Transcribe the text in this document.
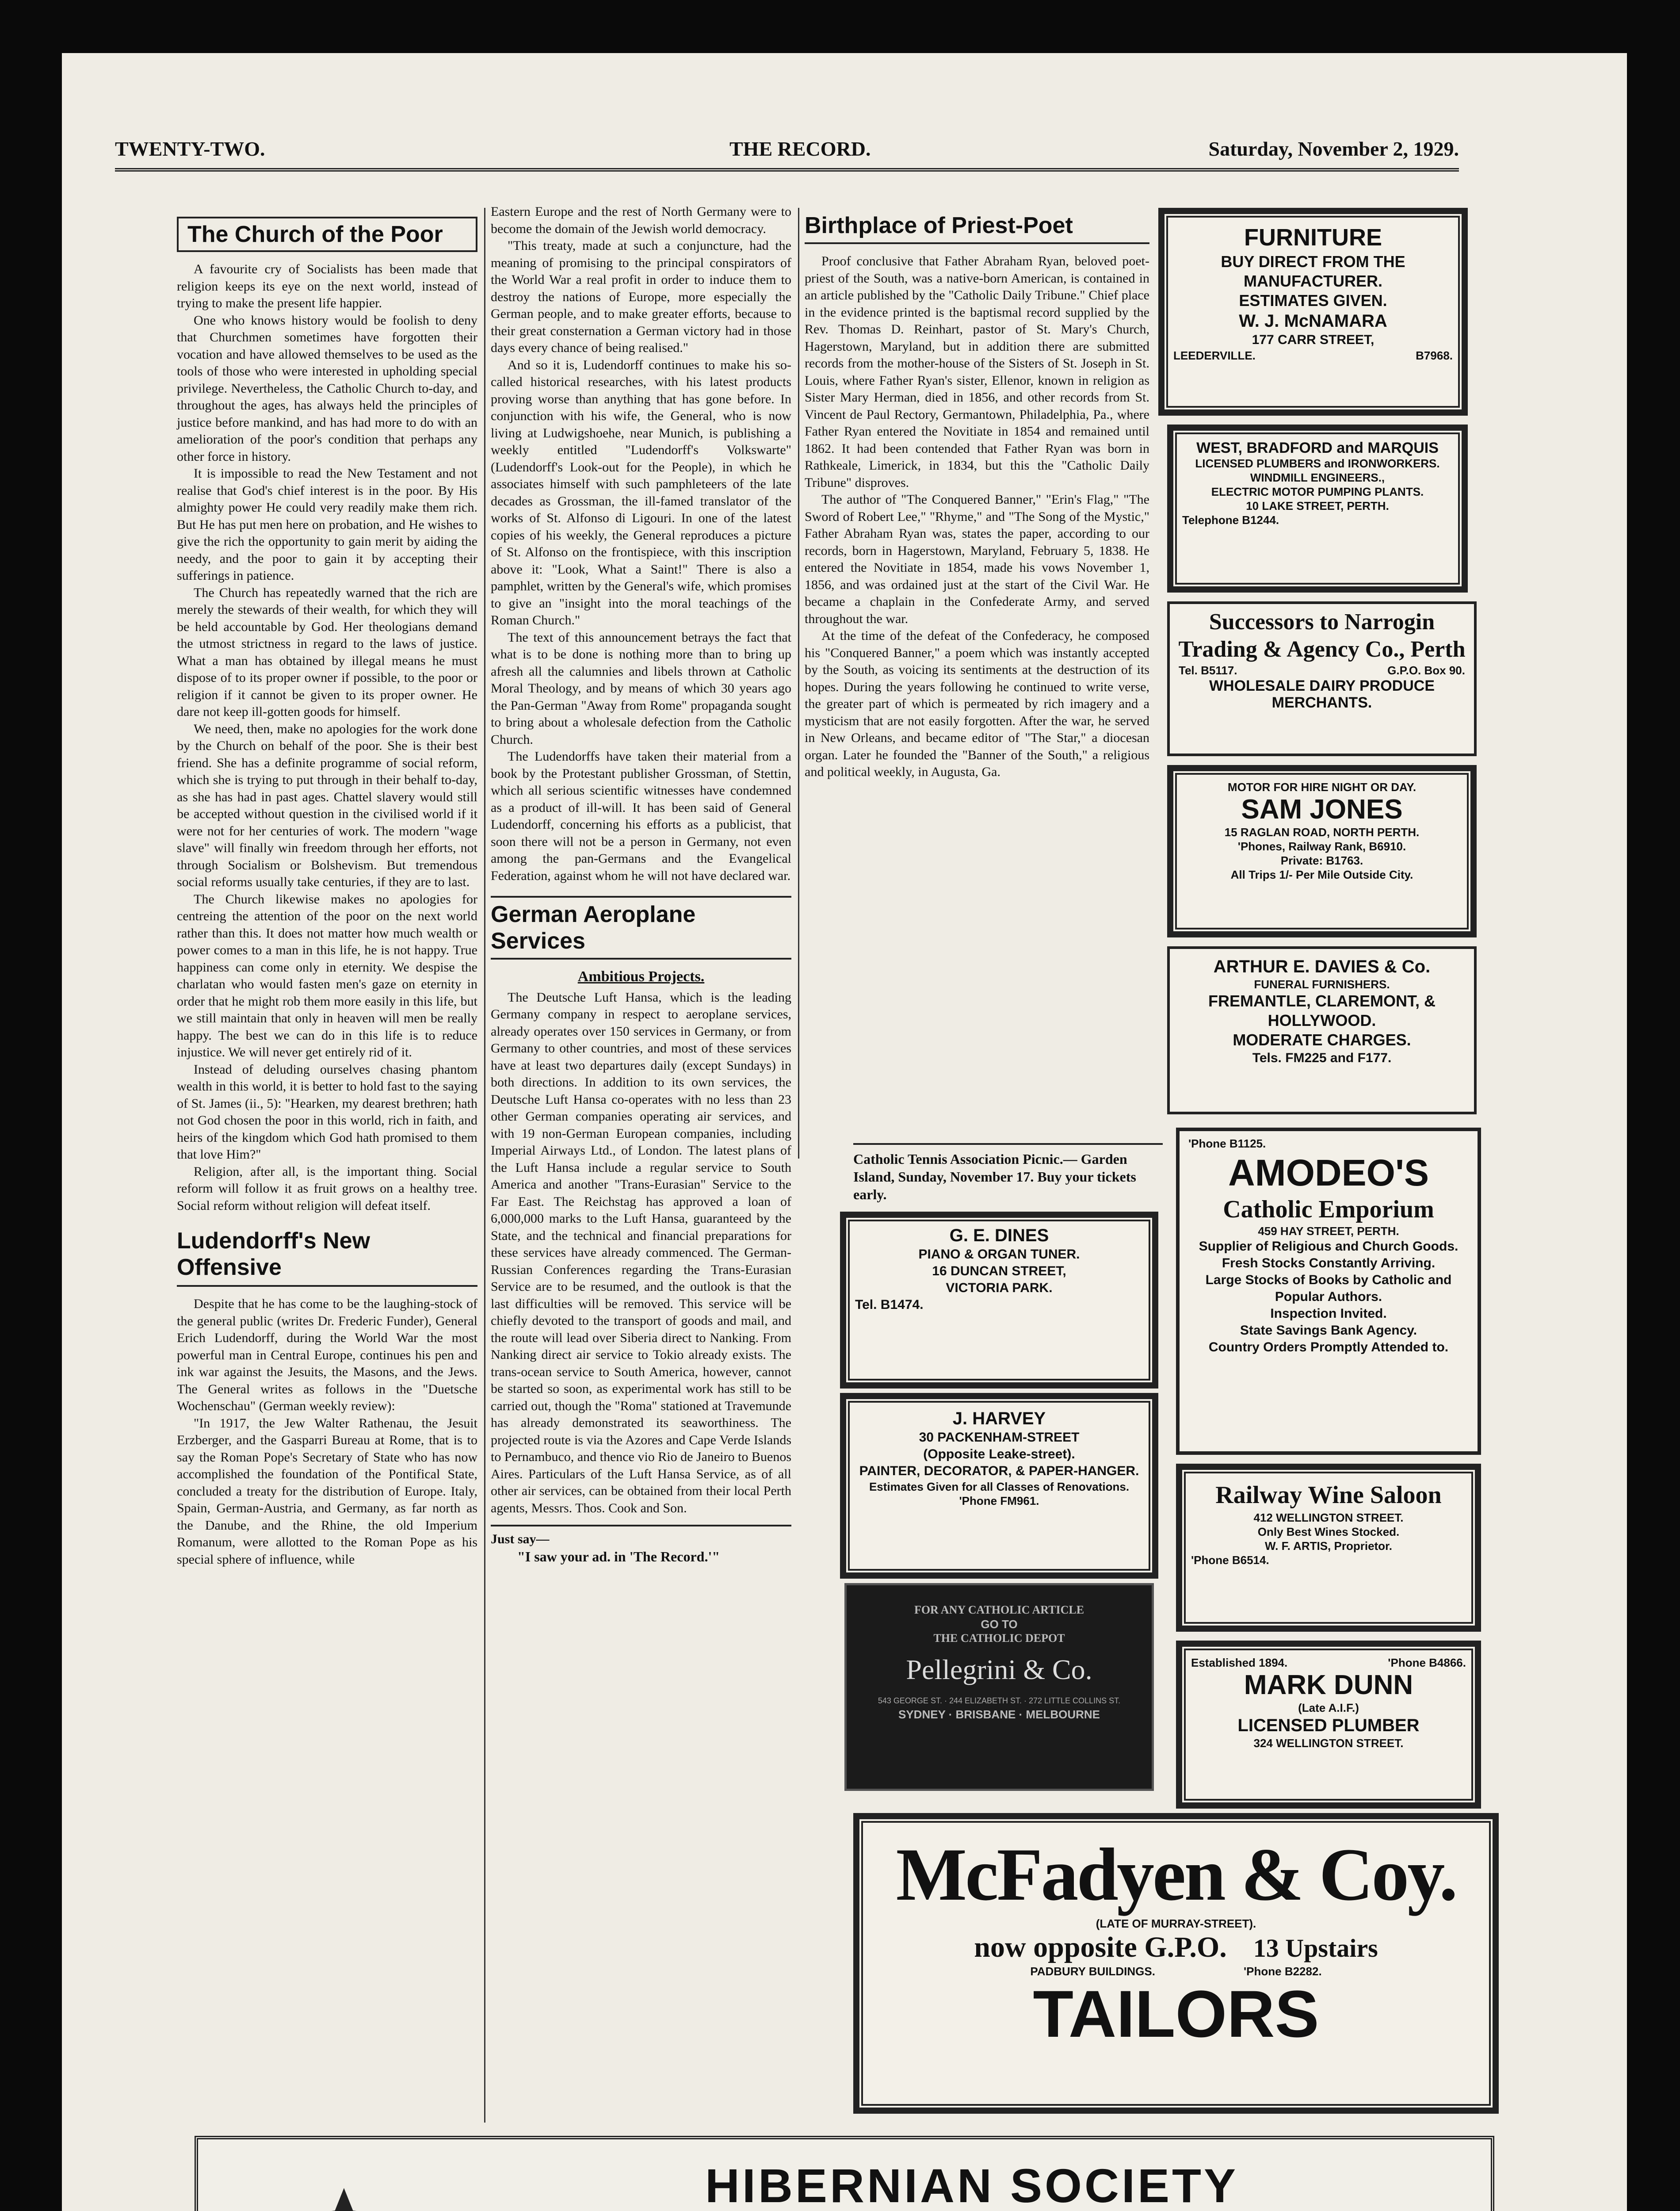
TWENTY-TWO.	THE RECORD.	Saturday, November 2, 1929.
The Church of the Poor

A favourite cry of Socialists has been made that religion keeps its eye on the next world, instead of trying to make the present life happier.

One who knows history would be foolish to deny that Churchmen sometimes have forgotten their vocation and have allowed themselves to be used as the tools of those who were interested in upholding special privilege. Nevertheless, the Catholic Church to-day, and throughout the ages, has always held the principles of justice before mankind, and has had more to do with an amelioration of the poor's condition that perhaps any other force in history.

It is impossible to read the New Testament and not realise that God's chief interest is in the poor. By His almighty power He could very readily make them rich. But He has put men here on probation, and He wishes to give the rich the opportunity to gain merit by aiding the needy, and the poor to gain it by accepting their sufferings in patience.

The Church has repeatedly warned that the rich are merely the stewards of their wealth, for which they will be held accountable by God. Her theologians demand the utmost strictness in regard to the laws of justice. What a man has obtained by illegal means he must dispose of to its proper owner if possible, to the poor or religion if it cannot be given to its proper owner. He dare not keep ill-gotten goods for himself.

We need, then, make no apologies for the work done by the Church on behalf of the poor. She is their best friend. She has a definite programme of social reform, which she is trying to put through in their behalf to-day, as she has had in past ages. Chattel slavery would still be accepted without question in the civilised world if it were not for her centuries of work. The modern "wage slave" will finally win freedom through her efforts, not through Socialism or Bolshevism. But tremendous social reforms usually take centuries, if they are to last.

The Church likewise makes no apologies for centreing the attention of the poor on the next world rather than this. It does not matter how much wealth or power comes to a man in this life, he is not happy. True happiness can come only in eternity. We despise the charlatan who would fasten men's gaze on eternity in order that he might rob them more easily in this life, but we still maintain that only in heaven will men be really happy. The best we can do in this life is to reduce injustice. We will never get entirely rid of it.

Instead of deluding ourselves chasing phantom wealth in this world, it is better to hold fast to the saying of St. James (ii., 5): "Hearken, my dearest brethren; hath not God chosen the poor in this world, rich in faith, and heirs of the kingdom which God hath promised to them that love Him?"

Religion, after all, is the important thing. Social reform will follow it as fruit grows on a healthy tree. Social reform without religion will defeat itself.

Ludendorff's New Offensive

Despite that he has come to be the laughing-stock of the general public (writes Dr. Frederic Funder), General Erich Ludendorff, during the World War the most powerful man in Central Europe, continues his pen and ink war against the Jesuits, the Masons, and the Jews. The General writes as follows in the "Duetsche Wochenschau" (German weekly review):

"In 1917, the Jew Walter Rathenau, the Jesuit Erzberger, and the Gasparri Bureau at Rome, that is to say the Roman Pope's Secretary of State who has now accomplished the foundation of the Pontifical State, concluded a treaty for the distribution of Europe. Italy, Spain, German-Austria, and Germany, as far north as the Danube, and the Rhine, the old Imperium Romanum, were allotted to the Roman Pope as his special sphere of influence, while

Eastern Europe and the rest of North Germany were to become the domain of the Jewish world democracy.

"This treaty, made at such a conjuncture, had the meaning of promising to the principal conspirators of the World War a real profit in order to induce them to destroy the nations of Europe, more especially the German people, and to make greater efforts, because to their great consternation a German victory had in those days every chance of being realised."

And so it is, Ludendorff continues to make his so-called historical researches, with his latest products proving worse than anything that has gone before. In conjunction with his wife, the General, who is now living at Ludwigshoehe, near Munich, is publishing a weekly entitled "Ludendorff's Volkswarte" (Ludendorff's Look-out for the People), in which he associates himself with such pamphleteers of the late decades as Grossman, the ill-famed translator of the works of St. Alfonso di Ligouri. In one of the latest copies of his weekly, the General reproduces a picture of St. Alfonso on the frontispiece, with this inscription above it: "Look, What a Saint!" There is also a pamphlet, written by the General's wife, which promises to give an "insight into the moral teachings of the Roman Church."

The text of this announcement betrays the fact that what is to be done is nothing more than to bring up afresh all the calumnies and libels thrown at Catholic Moral Theology, and by means of which 30 years ago the Pan-German "Away from Rome" propaganda sought to bring about a wholesale defection from the Catholic Church.

The Ludendorffs have taken their material from a book by the Protestant publisher Grossman, of Stettin, which all serious scientific witnesses have condemned as a product of ill-will. It has been said of General Ludendorff, concerning his efforts as a publicist, that soon there will not be a person in Germany, not even among the pan-Germans and the Evangelical Federation, against whom he will not have declared war.

German Aeroplane Services
Ambitious Projects.

The Deutsche Luft Hansa, which is the leading Germany company in respect to aeroplane services, already operates over 150 services in Germany, or from Germany to other countries, and most of these services have at least two departures daily (except Sundays) in both directions. In addition to its own services, the Deutsche Luft Hansa co-operates with no less than 23 other German companies operating air services, and with 19 non-German European companies, including Imperial Airways Ltd., of London. The latest plans of the Luft Hansa include a regular service to South America and another "Trans-Eurasian" Service to the Far East. The Reichstag has approved a loan of 6,000,000 marks to the Luft Hansa, guaranteed by the State, and the technical and financial preparations for these services have already commenced. The German-Russian Conferences regarding the Trans-Eurasian Service are to be resumed, and the outlook is that the last difficulties will be removed. This service will be chiefly devoted to the transport of goods and mail, and the route will lead over Siberia direct to Nanking. From Nanking direct air service to Tokio already exists. The trans-ocean service to South America, however, cannot be started so soon, as experimental work has still to be carried out, though the "Roma" stationed at Travemunde has already demonstrated its seaworthiness. The projected route is via the Azores and Cape Verde Islands to Pernambuco, and thence vio Rio de Janeiro to Buenos Aires. Particulars of the Luft Hansa Service, as of all other air services, can be obtained from their local Perth agents, Messrs. Thos. Cook and Son.

Just say—
"I saw your ad. in 'The Record.'"
Birthplace of Priest-Poet

Proof conclusive that Father Abraham Ryan, beloved poet-priest of the South, was a native-born American, is contained in an article published by the "Catholic Daily Tribune." Chief place in the evidence printed is the baptismal record supplied by the Rev. Thomas D. Reinhart, pastor of St. Mary's Church, Hagerstown, Maryland, but in addition there are submitted records from the mother-house of the Sisters of St. Joseph in St. Louis, where Father Ryan's sister, Ellenor, known in religion as Sister Mary Herman, died in 1856, and other records from St. Vincent de Paul Rectory, Germantown, Philadelphia, Pa., where Father Ryan entered the Novitiate in 1854 and remained until 1862. It had been contended that Father Ryan was born in Rathkeale, Limerick, in 1834, but this the "Catholic Daily Tribune" disproves.

The author of "The Conquered Banner," "Erin's Flag," "The Sword of Robert Lee," "Rhyme," and "The Song of the Mystic," Father Abraham Ryan was, states the paper, according to our records, born in Hagerstown, Maryland, February 5, 1838. He entered the Novitiate in 1854, made his vows November 1, 1856, and was ordained just at the start of the Civil War. He became a chaplain in the Confederate Army, and served throughout the war.

At the time of the defeat of the Confederacy, he composed his "Conquered Banner," a poem which was instantly accepted by the South, as voicing its sentiments at the destruction of its hopes. During the years following he continued to write verse, the greater part of which is permeated by rich imagery and a mysticism that are not easily forgotten. After the war, he served in New Orleans, and became editor of "The Star," a diocesan organ. Later he founded the "Banner of the South," a religious and political weekly, in Augusta, Ga.

Catholic Tennis Association Picnic.— Garden Island, Sunday, November 17. Buy your tickets early.
G. E. DINES
PIANO & ORGAN TUNER.
16 DUNCAN STREET,
VICTORIA PARK.
Tel. B1474.
J. HARVEY
30 PACKENHAM-STREET
(Opposite Leake-street).
PAINTER, DECORATOR, & PAPER-HANGER.
Estimates Given for all Classes of Renovations.
'Phone FM961.
FOR ANY CATHOLIC ARTICLE
GO TO
THE CATHOLIC DEPOT
Pellegrini & Co.
543 GEORGE ST. · 244 ELIZABETH ST. · 272 LITTLE COLLINS ST.
SYDNEY · BRISBANE · MELBOURNE
FURNITURE
BUY DIRECT FROM THE
MANUFACTURER.
ESTIMATES GIVEN.
W. J. McNAMARA
177 CARR STREET,
LEEDERVILLE.	B7968.
WEST, BRADFORD and MARQUIS
LICENSED PLUMBERS and IRONWORKERS.
WINDMILL ENGINEERS.,
ELECTRIC MOTOR PUMPING PLANTS.
10 LAKE STREET, PERTH.
Telephone B1244.
Successors to Narrogin Trading & Agency Co., Perth
Tel. B5117.	G.P.O. Box 90.
WHOLESALE DAIRY PRODUCE
MERCHANTS.
MOTOR FOR HIRE NIGHT OR DAY.
SAM JONES
15 RAGLAN ROAD, NORTH PERTH.
'Phones, Railway Rank, B6910.
Private: B1763.
All Trips 1/- Per Mile Outside City.
ARTHUR E. DAVIES & Co.
FUNERAL FURNISHERS.
FREMANTLE, CLAREMONT, &
HOLLYWOOD.
MODERATE CHARGES.
Tels. FM225 and F177.
'Phone B1125.
AMODEO'S
Catholic Emporium
459 HAY STREET, PERTH.
Supplier of Religious and Church Goods.
Fresh Stocks Constantly Arriving.
Large Stocks of Books by Catholic and Popular Authors.
Inspection Invited.
State Savings Bank Agency.
Country Orders Promptly Attended to.
Railway Wine Saloon
412 WELLINGTON STREET.
Only Best Wines Stocked.
W. F. ARTIS, Proprietor.
'Phone B6514.
Established 1894.	'Phone B4866.
MARK DUNN
(Late A.I.F.)
LICENSED PLUMBER
324 WELLINGTON STREET.
McFadyen & Coy.
(LATE OF MURRAY-STREET).
now opposite G.P.O. 13 Upstairs
PADBURY BUILDINGS.	'Phone B2282.
TAILORS
HIBERNIAN SOCIETY
